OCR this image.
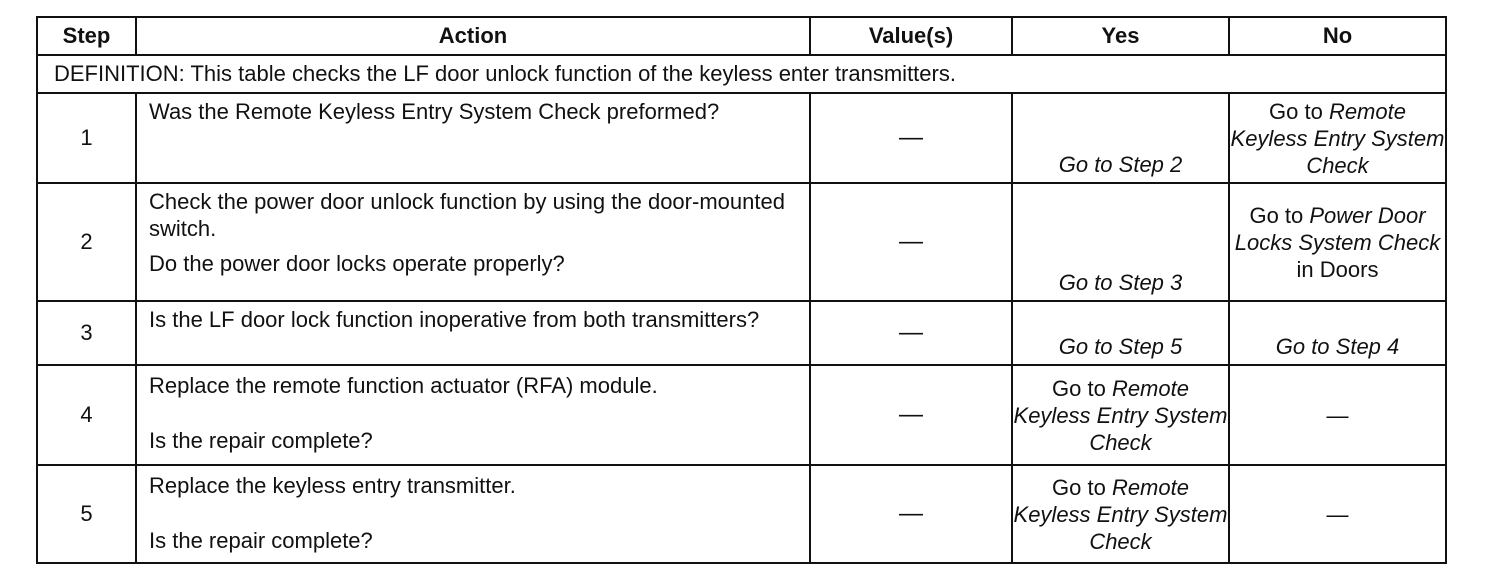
Step	Action	Value(s)	Yes	No
DEFINITION: This table checks the LF door unlock function of the keyless enter transmitters.				
1	Was the Remote Keyless Entry System Check preformed?	—	Go to Step 2	Go to Remote Keyless Entry System Check
2	Check the power door unlock function by using the door-mounted switch.

Do the power door locks operate properly?	—	Go to Step 3	Go to Power Door Locks System Check in Doors
3	Is the LF door lock function inoperative from both transmitters?	—	Go to Step 5	Go to Step 4
4	Replace the remote function actuator (RFA) module.

Is the repair complete?	—	Go to Remote Keyless Entry System Check	—
5	Replace the keyless entry transmitter.

Is the repair complete?	—	Go to Remote Keyless Entry System Check	—
